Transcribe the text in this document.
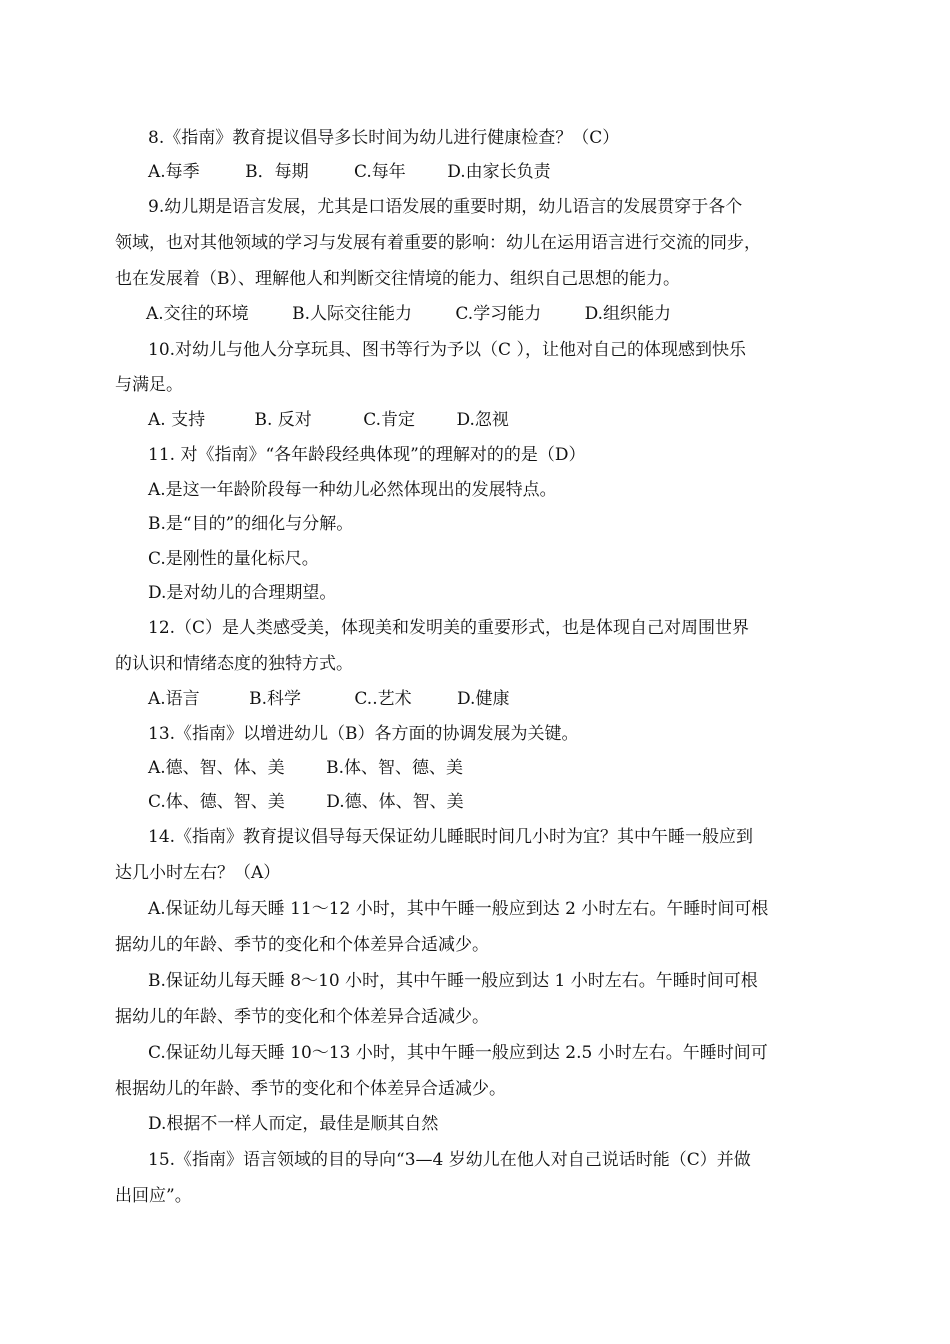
8.《指南》教育提议倡导多长时间为幼儿进行健康检查？（C）
A.每季	B．每期	C.每年 D.由家长负责
9.幼儿期是语言发展，尤其是口语发展的重要时期，幼儿语言的发展贯穿于各个
领域，也对其他领域的学习与发展有着重要的影响：幼儿在运用语言进行交流的同步，
也在发展着（B）、理解他人和判断交往情境的能力、组织自己思想的能力。
A.交往的环境	B.人际交往能力	C.学习能力	D.组织能力
10.对幼儿与他人分享玩具、图书等行为予以（C ），让他对自己的体现感到快乐
与满足。
A. 支持	B. 反对	C.肯定 D.忽视
11. 对《指南》“各年龄段经典体现”的理解对的的是（D）
A.是这一年龄阶段每一种幼儿必然体现出的发展特点。
B.是“目的”的细化与分解。
C.是刚性的量化标尺。
D.是对幼儿的合理期望。
12.（C）是人类感受美，体现美和发明美的重要形式，也是体现自己对周围世界
的认识和情绪态度的独特方式。
A.语言	B.科学	C..艺术	D.健康
13.《指南》以增进幼儿（B）各方面的协调发展为关键。
A.德、智、体、美 B.体、智、德、美
C.体、德、智、美 D.德、体、智、美
14.《指南》教育提议倡导每天保证幼儿睡眠时间几小时为宜？其中午睡一般应到
达几小时左右？（A）
A.保证幼儿每天睡 11～12 小时，其中午睡一般应到达 2 小时左右。午睡时间可根
据幼儿的年龄、季节的变化和个体差异合适减少。
B.保证幼儿每天睡 8～10 小时，其中午睡一般应到达 1 小时左右。午睡时间可根
据幼儿的年龄、季节的变化和个体差异合适减少。
C.保证幼儿每天睡 10～13 小时，其中午睡一般应到达 2.5 小时左右。午睡时间可
根据幼儿的年龄、季节的变化和个体差异合适减少。
D.根据不一样人而定，最佳是顺其自然
15.《指南》语言领域的目的导向“3—4 岁幼儿在他人对自己说话时能（C）并做
出回应”。
